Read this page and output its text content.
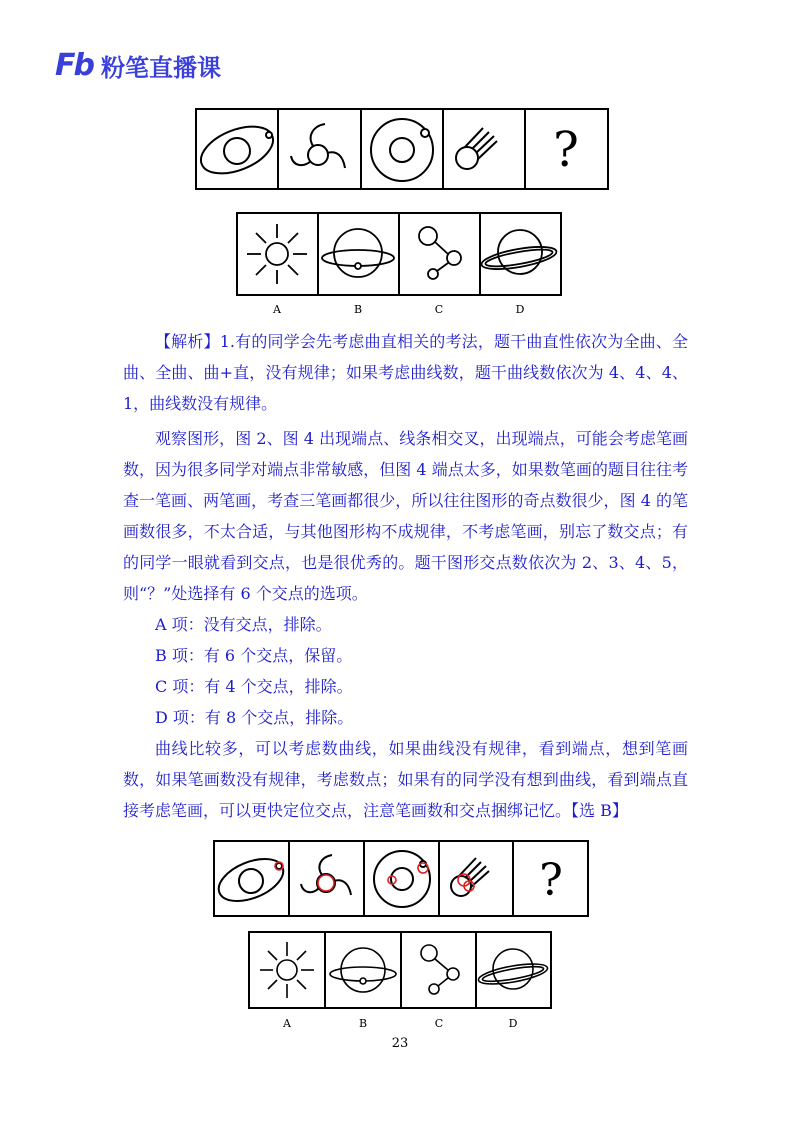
Fb 粉笔直播课
?
A	B	C	D

【解析】1.有的同学会先考虑曲直相关的考法，题干曲直性依次为全曲、全曲、全曲、曲+直，没有规律；如果考虑曲线数，题干曲线数依次为 4、4、4、1，曲线数没有规律。

观察图形，图 2、图 4 出现端点、线条相交叉，出现端点，可能会考虑笔画数，因为很多同学对端点非常敏感，但图 4 端点太多，如果数笔画的题目往往考查一笔画、两笔画，考查三笔画都很少，所以往往图形的奇点数很少，图 4 的笔画数很多，不太合适，与其他图形构不成规律，不考虑笔画，别忘了数交点；有的同学一眼就看到交点，也是很优秀的。题干图形交点数依次为 2、3、4、5，则“？”处选择有 6 个交点的选项。

A 项：没有交点，排除。

B 项：有 6 个交点，保留。

C 项：有 4 个交点，排除。

D 项：有 8 个交点，排除。

曲线比较多，可以考虑数曲线，如果曲线没有规律，看到端点，想到笔画数，如果笔画数没有规律，考虑数点；如果有的同学没有想到曲线，看到端点直接考虑笔画，可以更快定位交点，注意笔画数和交点捆绑记忆。【选 B】

?
A	B	C	D
23
